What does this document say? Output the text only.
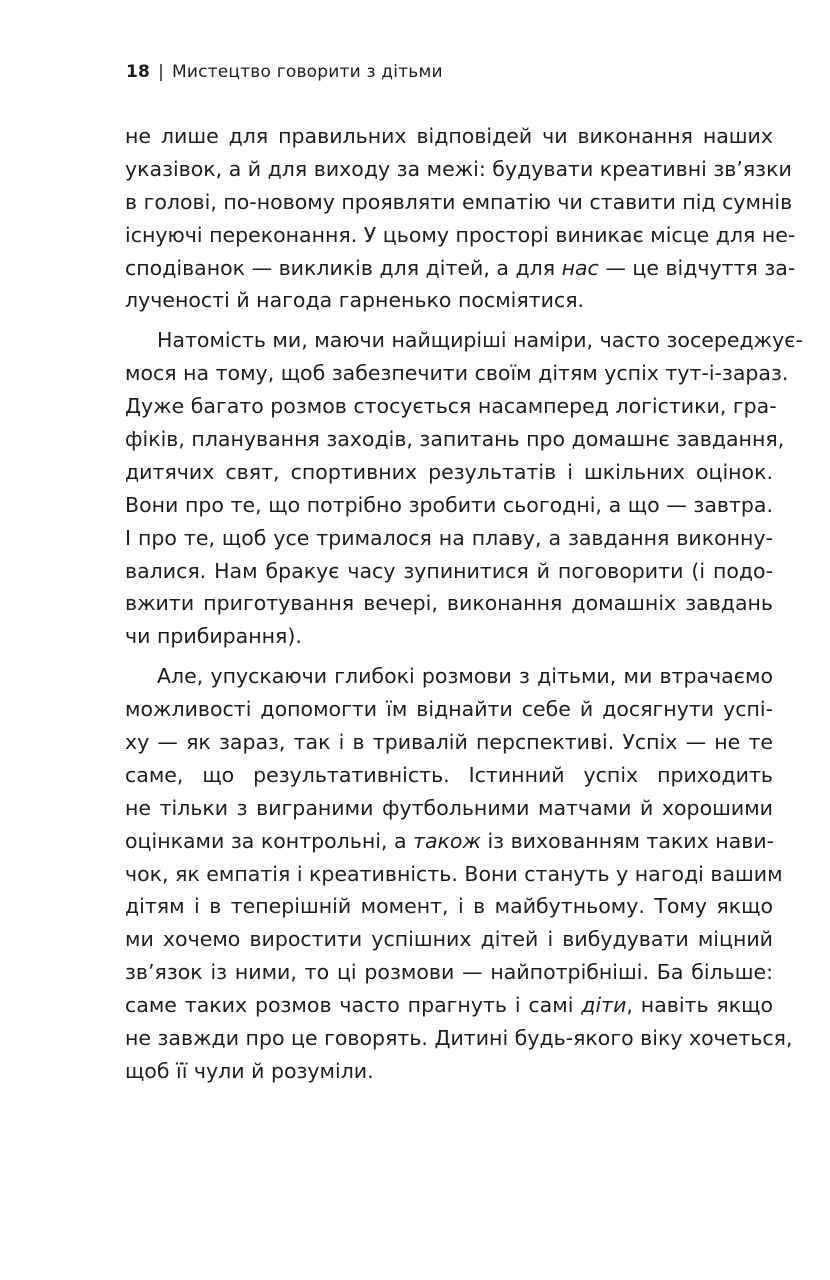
18 | Мистецтво говорити з дітьми
не лише для правильних відповідей чи виконання наших
указівок, а й для виходу за межі: будувати креативні зв’язки
в голові, по-новому проявляти емпатію чи ставити під сумнів
існуючі переконання. У цьому просторі виникає місце для не-
сподіванок — викликів для дітей, а для нас — це відчуття за-
лученості й нагода гарненько посміятися.
Натомість ми, маючи найщиріші наміри, часто зосереджує-
мося на тому, щоб забезпечити своїм дітям успіх тут-і-зараз.
Дуже багато розмов стосується насамперед логістики, гра-
фіків, планування заходів, запитань про домашнє завдання,
дитячих свят, спортивних результатів і шкільних оцінок.
Вони про те, що потрібно зробити сьогодні, а що — завтра.
І про те, щоб усе трималося на плаву, а завдання виконну-
валися. Нам бракує часу зупинитися й поговорити (і подо-
вжити приготування вечері, виконання домашніх завдань
чи прибирання).
Але, упускаючи глибокі розмови з дітьми, ми втрачаємо
можливості допомогти їм віднайти себе й досягнути успі-
ху — як зараз, так і в тривалій перспективі. Успіх — не те
саме, що результативність. Істинний успіх приходить
не тільки з виграними футбольними матчами й хорошими
оцінками за контрольні, а також із вихованням таких нави-
чок, як емпатія і креативність. Вони стануть у нагоді вашим
дітям і в теперішній момент, і в майбутньому. Тому якщо
ми хочемо виростити успішних дітей і вибудувати міцний
зв’язок із ними, то ці розмови — найпотрібніші. Ба більше:
саме таких розмов часто прагнуть і самі діти, навіть якщо
не завжди про це говорять. Дитині будь-якого віку хочеться,
щоб її чули й розуміли.
